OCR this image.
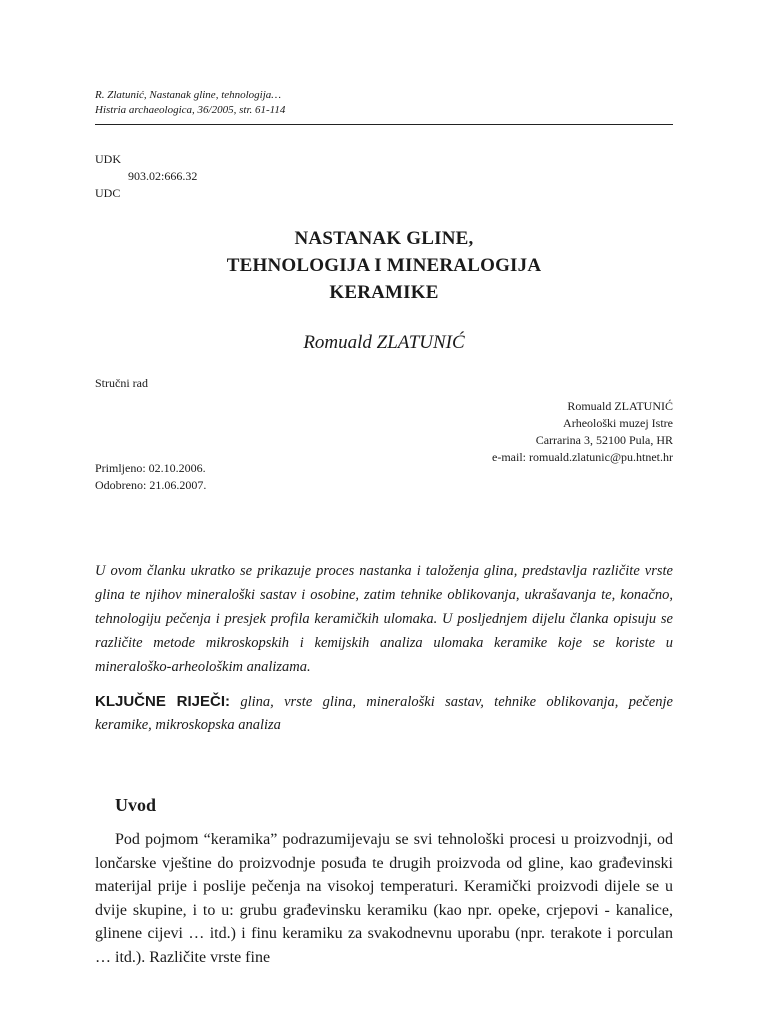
R. Zlatunić, Nastanak gline, tehnologija…
Histria archaeologica, 36/2005, str. 61-114
UDK
903.02:666.32
UDC
NASTANAK GLINE,
TEHNOLOGIJA I MINERALOGIJA
KERAMIKE
Romuald ZLATUNIĆ
Stručni rad
Romuald ZLATUNIĆ
Arheološki muzej Istre
Carrarina 3, 52100 Pula, HR
e-mail: romuald.zlatunic@pu.htnet.hr
Primljeno: 02.10.2006.
Odobreno: 21.06.2007.
U ovom članku ukratko se prikazuje proces nastanka i taloženja glina, predstavlja različite vrste glina te njihov mineraloški sastav i osobine, zatim tehnike oblikovanja, ukrašavanja te, konačno, tehnologiju pečenja i presjek profila keramičkih ulomaka. U posljednjem dijelu članka opisuju se različite metode mikroskopskih i kemijskih analiza ulomaka keramike koje se koriste u mineraloško-arheološkim analizama.
KLJUČNE RIJEČI: glina, vrste glina, mineraloški sastav, tehnike oblikovanja, pečenje keramike, mikroskopska analiza
Uvod

Pod pojmom “keramika” podrazumijevaju se svi tehnološki procesi u proizvodnji, od lončarske vještine do proizvodnje posuđa te drugih proizvoda od gline, kao građevinski materijal prije i poslije pečenja na visokoj temperaturi. Keramički proizvodi dijele se u dvije skupine, i to u: grubu građevinsku keramiku (kao npr. opeke, crjepovi - kanalice, glinene cijevi … itd.) i finu keramiku za svakodnevnu uporabu (npr. terakote i porculan … itd.). Različite vrste fine
